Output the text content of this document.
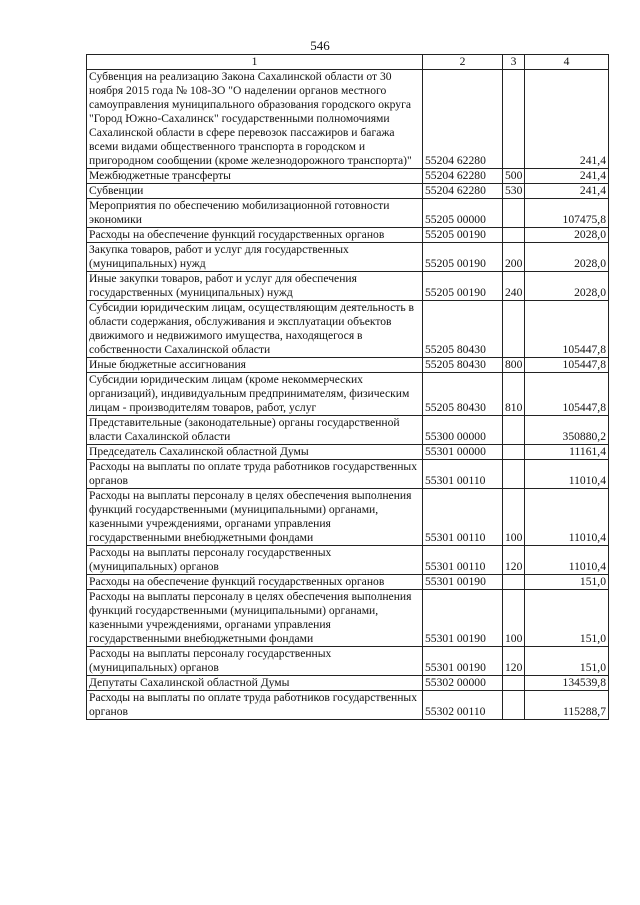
546
1	2	3	4
Субвенция на реализацию Закона Сахалинской области от 30 ноября 2015 года № 108-ЗО "О наделении органов местного самоуправления муниципального образования городского округа "Город Южно-Сахалинск" государственными полномочиями Сахалинской области в сфере перевозок пассажиров и багажа всеми видами общественного транспорта в городском и пригородном сообщении (кроме железнодорожного транспорта)"	55204 62280		241,4
Межбюджетные трансферты	55204 62280	500	241,4
Субвенции	55204 62280	530	241,4
Мероприятия по обеспечению мобилизационной готовности экономики	55205 00000		107475,8
Расходы на обеспечение функций государственных органов	55205 00190		2028,0
Закупка товаров, работ и услуг для государственных (муниципальных) нужд	55205 00190	200	2028,0
Иные закупки товаров, работ и услуг для обеспечения государственных (муниципальных) нужд	55205 00190	240	2028,0
Субсидии юридическим лицам, осуществляющим деятельность в области содержания, обслуживания и эксплуатации объектов движимого и недвижимого имущества, находящегося в собственности Сахалинской области	55205 80430		105447,8
Иные бюджетные ассигнования	55205 80430	800	105447,8
Субсидии юридическим лицам (кроме некоммерческих организаций), индивидуальным предпринимателям, физическим лицам - производителям товаров, работ, услуг	55205 80430	810	105447,8
Представительные (законодательные) органы государственной власти Сахалинской области	55300 00000		350880,2
Председатель Сахалинской областной Думы	55301 00000		11161,4
Расходы на выплаты по оплате труда работников государственных органов	55301 00110		11010,4
Расходы на выплаты персоналу в целях обеспечения выполнения функций государственными (муниципальными) органами, казенными учреждениями, органами управления государственными внебюджетными фондами	55301 00110	100	11010,4
Расходы на выплаты персоналу государственных (муниципальных) органов	55301 00110	120	11010,4
Расходы на обеспечение функций государственных органов	55301 00190		151,0
Расходы на выплаты персоналу в целях обеспечения выполнения функций государственными (муниципальными) органами, казенными учреждениями, органами управления государственными внебюджетными фондами	55301 00190	100	151,0
Расходы на выплаты персоналу государственных (муниципальных) органов	55301 00190	120	151,0
Депутаты Сахалинской областной Думы	55302 00000		134539,8
Расходы на выплаты по оплате труда работников государственных органов	55302 00110		115288,7
